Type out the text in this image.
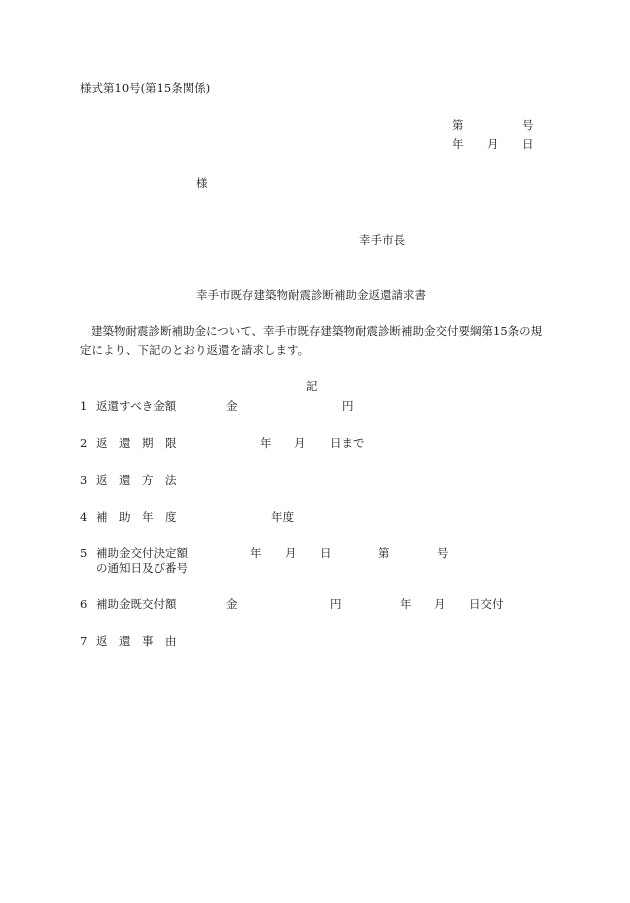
様式第10号(第15条関係)
第	号
年 月 日
様
幸手市長
幸手市既存建築物耐震診断補助金返還請求書
建築物耐震診断補助金について、幸手市既存建築物耐震診断補助金交付要綱第15条の規
定により、下記のとおり返還を請求します。
記
1 返還すべき金額	金	円
2 返　還　期　限	年 月 日まで
3 返　還　方　法
4 補　助　年　度	年度
5 補助金交付決定額
の通知日及び番号
年 月 日	第	号
6 補助金既交付額	金	円	年 月 日交付
7 返　還　事　由
